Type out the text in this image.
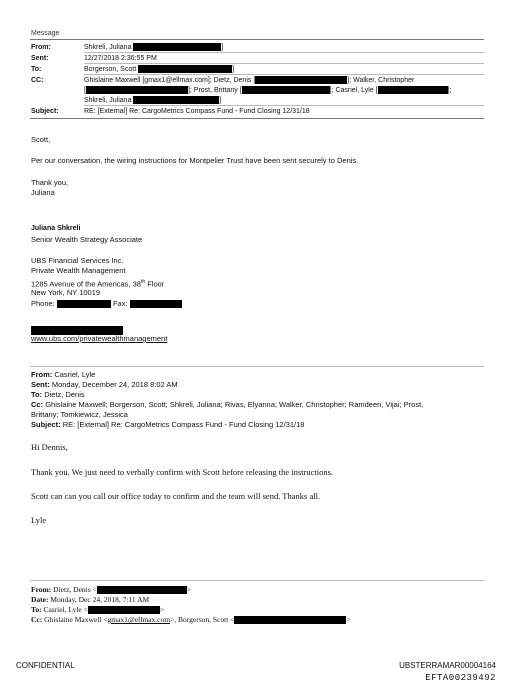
Message
From:	Shkreli, Juliana	]
Sent:	12/27/2018 2:36:55 PM
To:	Borgerson, Scott	]
CC:	Ghislaine Maxwell [gmax1@ellmax.com]; Dietz, Denis [	]; Walker, Christopher
]; Prost, Brittany [	]; Casriel, Lyle [	];
Shkreli, Juliana	]
Subject:	RE: [External] Re: CargoMetrics Compass Fund - Fund Closing 12/31/18
Scott,
Per our conversation, the wiring instructions for Montpelier Trust have been sent securely to Denis.
Thank you,
Juliana
Juliana Shkreli
Senior Wealth Strategy Associate
UBS Financial Services Inc.
Private Wealth Management
1285 Avenue of the Americas, 38th Floor
New York, NY 10019
Phone:	Fax:
www.ubs.com/privatewealthmanagement
From: Casriel, Lyle
Sent: Monday, December 24, 2018 8:02 AM
To: Dietz, Denis
Cc: Ghislaine Maxwell; Borgerson, Scott; Shkreli, Juliana; Rivas, Elyanna; Walker, Christopher; Ramdeen, Vijai; Prost,
Brittany; Tomkiewicz, Jessica
Subject: RE: [External] Re: CargoMetrics Compass Fund - Fund Closing 12/31/18
Hi Dennis,
Thank you. We just need to verbally confirm with Scott before releasing the instructions.
Scott can can you call our office today to confirm and the team will send. Thanks all.
Lyle
From: Dietz, Denis <	>
Date: Monday, Dec 24, 2018, 7:11 AM
To: Casriel, Lyle <	>
Cc: Ghislaine Maxwell <gmax1@ellmax.com>, Borgerson, Scott <	>
CONFIDENTIAL	UBSTERRAMAR00004164
EFTA00239492
